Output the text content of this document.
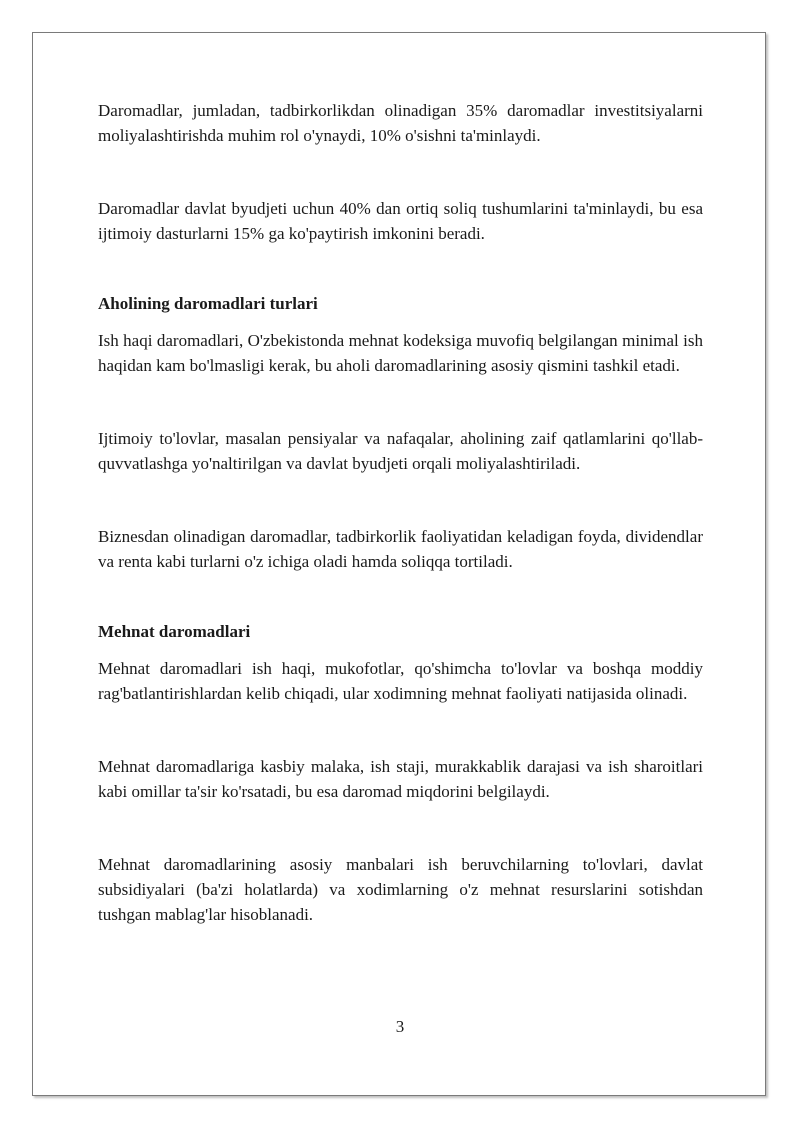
Daromadlar, jumladan, tadbirkorlikdan olinadigan 35% daromadlar investitsiyalarni moliyalashtirishda muhim rol o'ynaydi, 10% o'sishni ta'minlaydi.

Daromadlar davlat byudjeti uchun 40% dan ortiq soliq tushumlarini ta'minlaydi, bu esa ijtimoiy dasturlarni 15% ga ko'paytirish imkonini beradi.

Aholining daromadlari turlari

Ish haqi daromadlari, O'zbekistonda mehnat kodeksiga muvofiq belgilangan minimal ish haqidan kam bo'lmasligi kerak, bu aholi daromadlarining asosiy qismini tashkil etadi.

Ijtimoiy to'lovlar, masalan pensiyalar va nafaqalar, aholining zaif qatlamlarini qo'llab-quvvatlashga yo'naltirilgan va davlat byudjeti orqali moliyalashtiriladi.

Biznesdan olinadigan daromadlar, tadbirkorlik faoliyatidan keladigan foyda, dividendlar va renta kabi turlarni o'z ichiga oladi hamda soliqqa tortiladi.

Mehnat daromadlari

Mehnat daromadlari ish haqi, mukofotlar, qo'shimcha to'lovlar va boshqa moddiy rag'batlantirishlardan kelib chiqadi, ular xodimning mehnat faoliyati natijasida olinadi.

Mehnat daromadlariga kasbiy malaka, ish staji, murakkablik darajasi va ish sharoitlari kabi omillar ta'sir ko'rsatadi, bu esa daromad miqdorini belgilaydi.

Mehnat daromadlarining asosiy manbalari ish beruvchilarning to'lovlari, davlat subsidiyalari (ba'zi holatlarda) va xodimlarning o'z mehnat resurslarini sotishdan tushgan mablag'lar hisoblanadi.

3
